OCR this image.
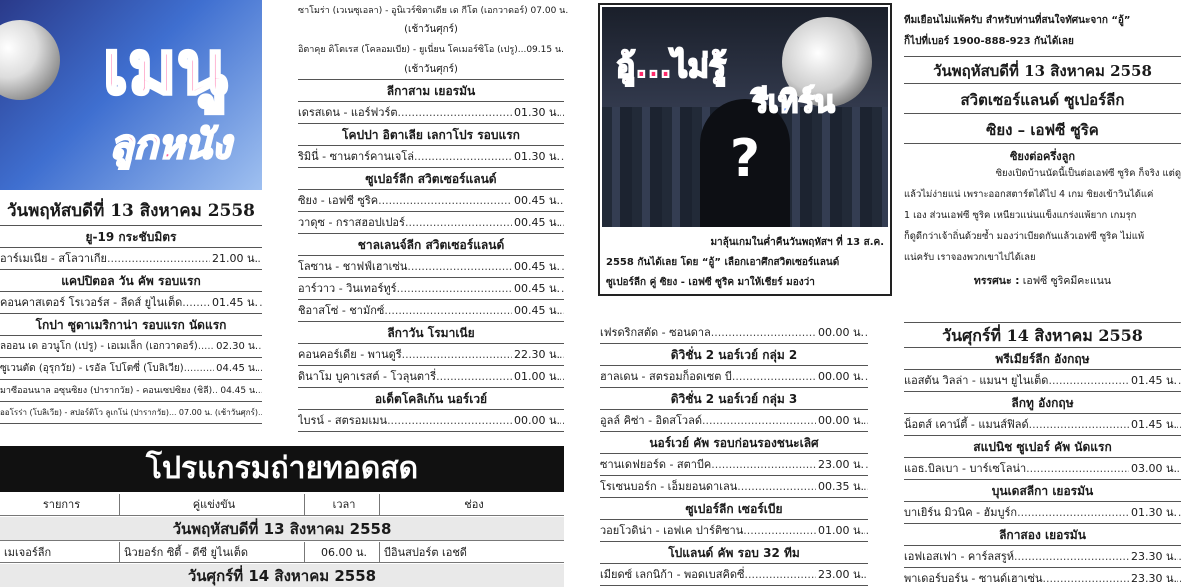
เมนู
ลูกหนัง
วันพฤหัสบดีที่ 13 สิงหาคม 2558
ยู-19 กระชับมิตร
อาร์เมเนีย - สโลวาเกีย .....	21.00 น.
แคปปิตอล วัน คัพ รอบแรก
คอนคาสเตอร์ โรเวอร์ส - ลีดส์ ยูไนเต็ด .....	01.45 น.
โกปา ซูดาเมริกาน่า รอบแรก นัดแรก
ลออน เด อวนูโก (เปรู) - เอเมเล็ก (เอกวาดอร์) .....	02.30 น.
ซูเวนตัด (อุรุกวัย) - เรอัล โปโตซี่ (โบลิเวีย) .....	04.45 น.
มาซีออนนาล อซุนซิยง (ปารากวัย) - คอนเซปซิยง (ชิลี) ..... 04.45 น.
ออโรร่า (โบลิเวีย) - สปอร์ติโว ลูเกโน่ (ปารากวัย) .....	07.00 น. (เช้าวันศุกร์)
ซาโมร่า (เวเนซุเอลา) - อูนิเวร์ซิตาเดีย เด กีโต (เอกวาดอร์) 07.00 น.
(เช้าวันศุกร์)
อิตาคุย ดิโตเรส (โคลอมเบีย) - ยูเนี่ยน โคเมอร์ซิโอ (เปรู)...09.15 น.
(เช้าวันศุกร์)
ลีกาสาม เยอรมัน
เดรสเดน - แอร์ฟวร์ต .....	01.30 น.
โคปปา อิตาเลีย เลกาโปร รอบแรก
ริมินี่ - ซานตาร์คานเจโล่ .....	01.30 น.
ซูเปอร์ลีก สวิตเซอร์แลนด์
ซิยง - เอฟซี ซูริค .....	00.45 น.
วาดุซ - กราสฮอปเปอร์ .....	00.45 น.
ชาลเลนจ์ลีก สวิตเซอร์แลนด์
โลซาน - ชาฟฟ์เฮาเซ่น .....	00.45 น.
อาร์วาว - วินเทอร์ทูร์ .....	00.45 น.
ชิอาสโซ่ - ชามักซ์ .....	00.45 น.
ลีกาวัน โรมาเนีย
คอนคอร์เดีย - พานดูรี .....	22.30 น.
ดินาโม บูคาเรสต์ - โวลุนตารี่ .....	01.00 น.
อเด็ตโคลิเก้น นอร์เวย์
ไบรน์ - สตรอมเมน .....	00.00 น.
โปรแกรมถ่ายทอดสด
รายการ	คู่แข่งขัน	เวลา	ช่อง
วันพฤหัสบดีที่ 13 สิงหาคม 2558
เมเจอร์ลีก	นิวยอร์ก ซิตี้ - ดีซี ยูไนเต็ด	06.00 น.	บีอินสปอร์ต เอชดี
วันศุกร์ที่ 14 สิงหาคม 2558
?
อู้...ไม่รู้
รีเทิร์น
มาลุ้นเกมในค่ำคืนวันพฤหัสฯ ที่ 13 ส.ค.
2558 กันได้เลย โดย “อู้” เลือกเอาศึกสวิตเซอร์แลนด์
ซูเปอร์ลีก คู่ ซิยง - เอฟซี ซูริค มาให้เชียร์ มองว่า
ทีมเยือนไม่แพ้ครับ สำหรับท่านที่สนใจทัศนะจาก “อู้”
ก็ไปที่เบอร์ 1900-888-923 กันได้เลย
วันพฤหัสบดีที่ 13 สิงหาคม 2558
สวิตเซอร์แลนด์ ซูเปอร์ลีก
ซิยง – เอฟซี ซูริค
ซิยงต่อครึ่งลูก
ซิยงเปิดบ้านนัดนี้เป็นต่อเอฟซี ซูริค ก็จริง แต่ดู
แล้วไม่ง่ายแน่ เพราะออกสตาร์ตได้ไป 4 เกม ซิยงเข้าวินได้แค่
1 เอง ส่วนเอฟซี ซูริค เหนียวแน่นแข็งแกร่งแพ้ยาก เกมรุก
ก็ดูดีกว่าเจ้าถิ่นด้วยซ้ำ มองว่าเบียดกันแล้วเอฟซี ซูริค ไม่แพ้
แน่ครับ เราจองพวกเขาไปได้เลย
ทรรศนะ : เอฟซี ซูริคมีคะแนน
เฟรดริกสตัด - ซอนดาล .....	00.00 น.
ดิวิชั่น 2 นอร์เวย์ กลุ่ม 2
ฮาลเดน - สตรอมก็อดเซต บี .....	00.00 น.
ดิวิชั่น 2 นอร์เวย์ กลุ่ม 3
อูลล์ คิซ่า - อิดสโวลด์ .....	00.00 น.
นอร์เวย์ คัพ รอบก่อนรองชนะเลิศ
ซานเดฟยอร์ด - สตาบีค .....	23.00 น.
โรเซนบอร์ก - เอ็มยอนดาเลน .....	00.35 น.
ซูเปอร์ลีก เซอร์เบีย
วอยโวดิน่า - เอฟเค ปาร์ติซาน .....	01.00 น.
โปแลนด์ คัพ รอบ 32 ทีม
เมียดซ์ เลกนิก้า - พอดเบสคิดซี่ .....	23.00 น.
วันศุกร์ที่ 14 สิงหาคม 2558
พรีเมียร์ลีก อังกฤษ
แอสตัน วิลล่า - แมนฯ ยูไนเต็ด .....	01.45 น.
ลีกทู อังกฤษ
น็อตส์ เคาน์ตี้ - แมนส์ฟิลด์ .....	01.45 น.
สแปนิช ซูเปอร์ คัพ นัดแรก
แอธ.บิลเบา - บาร์เซโลน่า .....	03.00 น.
บุนเดสลีกา เยอรมัน
บาเยิร์น มิวนิค - ฮัมบูร์ก .....	01.30 น.
ลีกาสอง เยอรมัน
เอฟเอสเฟา - คาร์ลสรูห์ .....	23.30 น.
พาเดอร์บอร์น - ซานด์เฮาเซ่น .....	23.30 น.
